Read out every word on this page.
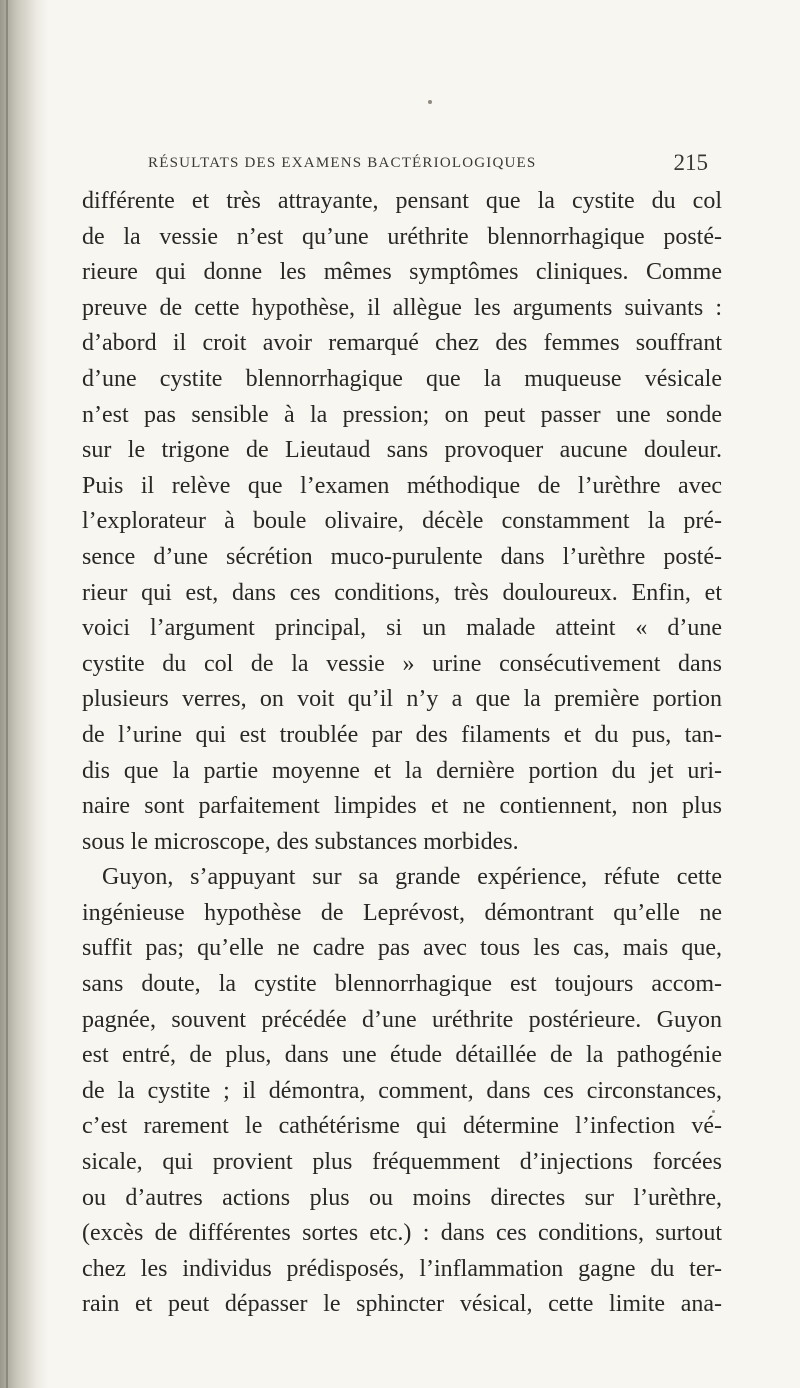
RÉSULTATS DES EXAMENS BACTÉRIOLOGIQUES	215
différente et très attrayante, pensant que la cystite du col
de la vessie n’est qu’une uréthrite blennorrhagique posté-
rieure qui donne les mêmes symptômes cliniques. Comme
preuve de cette hypothèse, il allègue les arguments suivants :
d’abord il croit avoir remarqué chez des femmes souffrant
d’une cystite blennorrhagique que la muqueuse vésicale
n’est pas sensible à la pression; on peut passer une sonde
sur le trigone de Lieutaud sans provoquer aucune douleur.
Puis il relève que l’examen méthodique de l’urèthre avec
l’explorateur à boule olivaire, décèle constamment la pré-
sence d’une sécrétion muco-purulente dans l’urèthre posté-
rieur qui est, dans ces conditions, très douloureux. Enfin, et
voici l’argument principal, si un malade atteint « d’une
cystite du col de la vessie » urine consécutivement dans
plusieurs verres, on voit qu’il n’y a que la première portion
de l’urine qui est troublée par des filaments et du pus, tan-
dis que la partie moyenne et la dernière portion du jet uri-
naire sont parfaitement limpides et ne contiennent, non plus
sous le microscope, des substances morbides.
Guyon, s’appuyant sur sa grande expérience, réfute cette
ingénieuse hypothèse de Leprévost, démontrant qu’elle ne
suffit pas; qu’elle ne cadre pas avec tous les cas, mais que,
sans doute, la cystite blennorrhagique est toujours accom-
pagnée, souvent précédée d’une uréthrite postérieure. Guyon
est entré, de plus, dans une étude détaillée de la pathogénie
de la cystite ; il démontra, comment, dans ces circonstances,
c’est rarement le cathétérisme qui détermine l’infection vé-
sicale, qui provient plus fréquemment d’injections forcées
ou d’autres actions plus ou moins directes sur l’urèthre,
(excès de différentes sortes etc.) : dans ces conditions, surtout
chez les individus prédisposés, l’inflammation gagne du ter-
rain et peut dépasser le sphincter vésical, cette limite ana-
